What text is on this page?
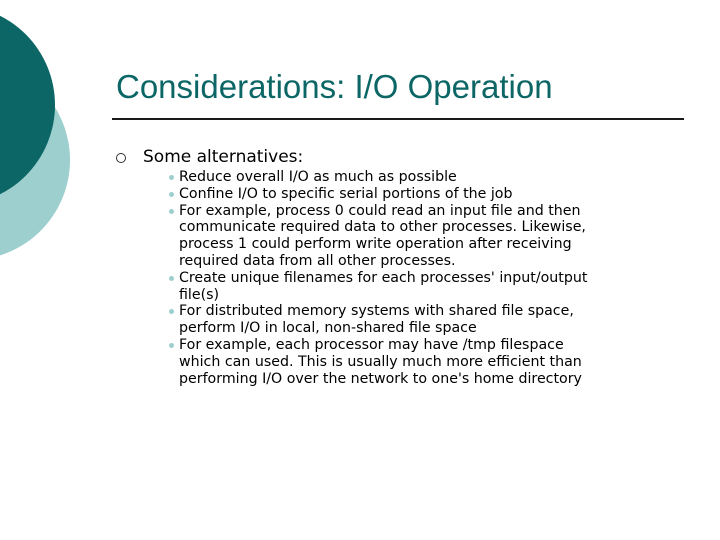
Considerations: I/O Operation
Some alternatives:
Reduce overall I/O as much as possible
Confine I/O to specific serial portions of the job
For example, process 0 could read an input file and then
communicate required data to other processes. Likewise,
process 1 could perform write operation after receiving
required data from all other processes.
Create unique filenames for each processes' input/output
file(s)
For distributed memory systems with shared file space,
perform I/O in local, non-shared file space
For example, each processor may have /tmp filespace
which can used. This is usually much more efficient than
performing I/O over the network to one's home directory
